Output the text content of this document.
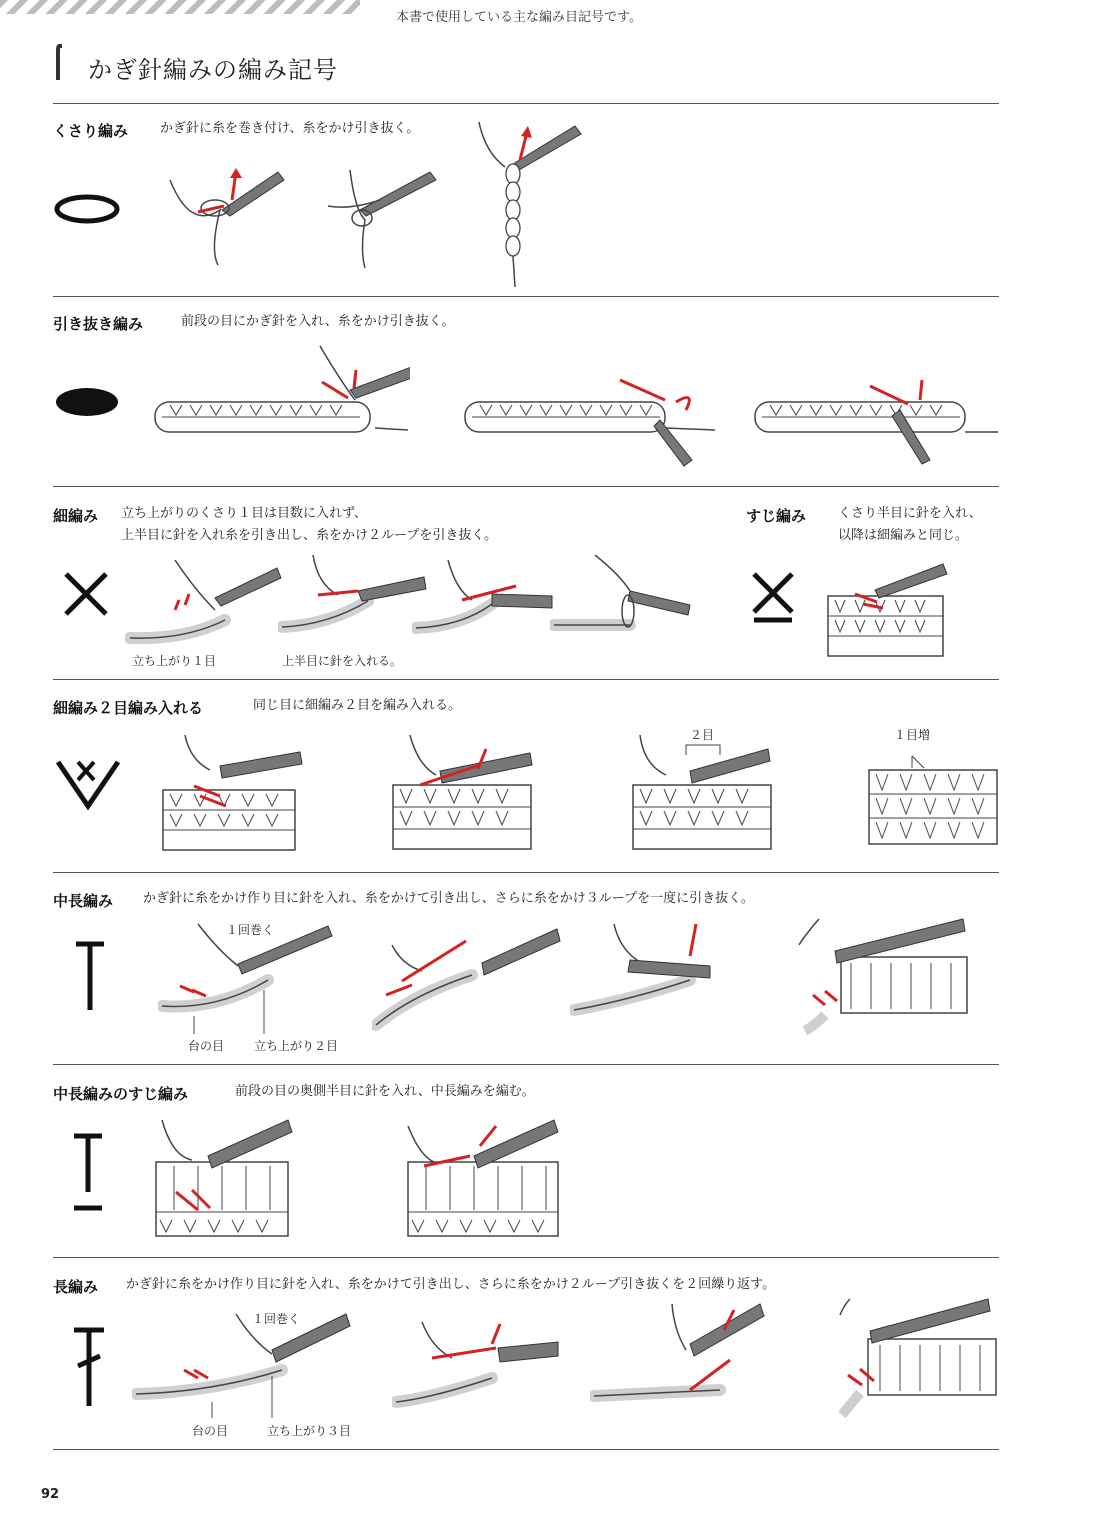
本書で使用している主な編み目記号です。
かぎ針編みの編み記号
くさり編み かぎ針に糸を巻き付け、糸をかけ引き抜く。
引き抜き編み	前段の目にかぎ針を入れ、糸をかけ引き抜く。
細編み 立ち上がりのくさり１目は目数に入れず、
上半目に針を入れ糸を引き出し、糸をかけ２ループを引き抜く。
すじ編み くさり半目に針を入れ、
以降は細編みと同じ。
立ち上がり１目	上半目に針を入れる。
細編み２目編み入れる	同じ目に細編み２目を編み入れる。
２目	１目増
中長編み かぎ針に糸をかけ作り目に針を入れ、糸をかけて引き出し、さらに糸をかけ３ループを一度に引き抜く。
１回巻く
台の目 立ち上がり２目
中長編みのすじ編み	前段の目の奥側半目に針を入れ、中長編みを編む。
長編み かぎ針に糸をかけ作り目に針を入れ、糸をかけて引き出し、さらに糸をかけ２ループ引き抜くを２回繰り返す。
１回巻く
台の目	立ち上がり３目
92
